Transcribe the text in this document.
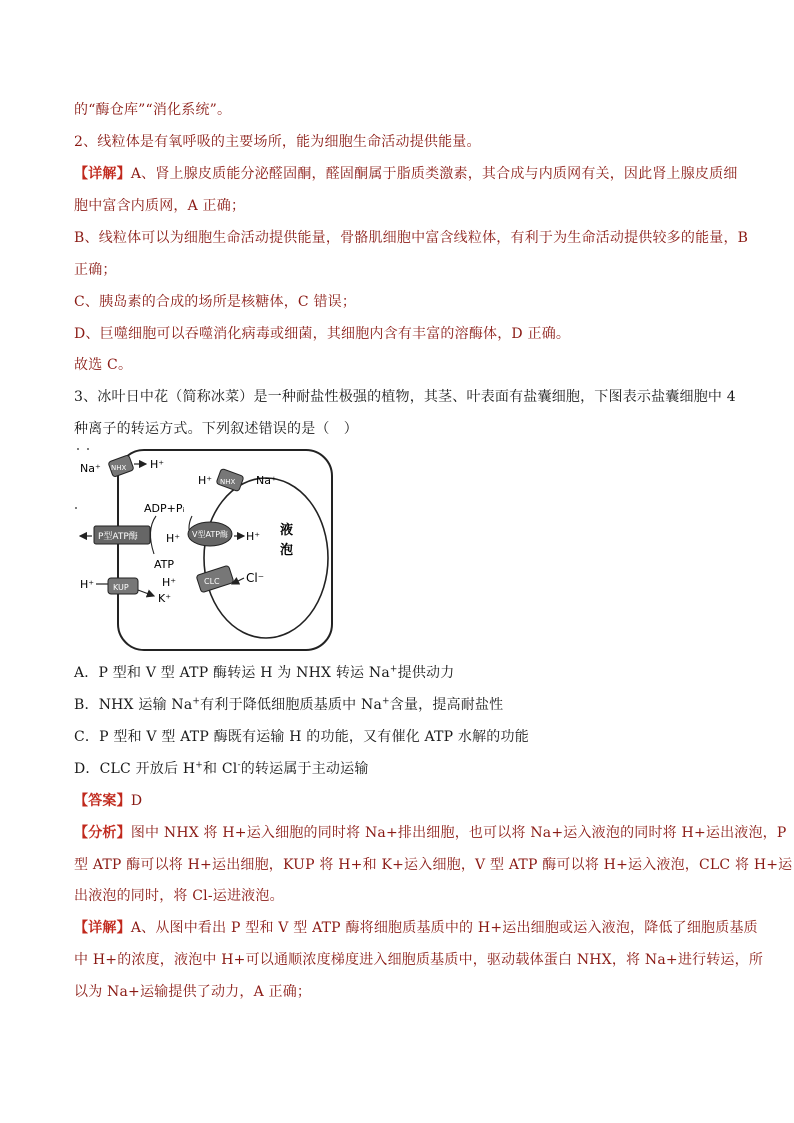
的“酶仓库”“消化系统”。
2、线粒体是有氧呼吸的主要场所，能为细胞生命活动提供能量。
【详解】A、肾上腺皮质能分泌醛固酮，醛固酮属于脂质类激素，其合成与内质网有关，因此肾上腺皮质细
胞中富含内质网，A 正确；
B、线粒体可以为细胞生命活动提供能量，骨骼肌细胞中富含线粒体，有利于为生命活动提供较多的能量，B
正确；
C、胰岛素的合成的场所是核糖体，C 错误；
D、巨噬细胞可以吞噬消化病毒或细菌，其细胞内含有丰富的溶酶体，D 正确。
故选 C。
3、冰叶日中花（简称冰菜）是一种耐盐性极强的植物，其茎、叶表面有盐囊细胞，下图表示盐囊细胞中 4
种离子的转运方式。下列叙述错误的是（　）
Na⁺ NHX H⁺
H⁺ NHX Na⁺
ADP+Pᵢ
P型ATP酶	H⁺ V型ATP酶 H⁺ 液
泡
ATP
H⁺ KUP
K⁺
H⁺	CLC Cl⁻
A．P 型和 V 型 ATP 酶转运 H 为 NHX 转运 Na+提供动力
B．NHX 运输 Na+有利于降低细胞质基质中 Na+含量，提高耐盐性
C．P 型和 V 型 ATP 酶既有运输 H 的功能，又有催化 ATP 水解的功能
D．CLC 开放后 H+和 Cl-的转运属于主动运输
【答案】D
【分析】图中 NHX 将 H+运入细胞的同时将 Na+排出细胞，也可以将 Na+运入液泡的同时将 H+运出液泡，P
型 ATP 酶可以将 H+运出细胞，KUP 将 H+和 K+运入细胞，V 型 ATP 酶可以将 H+运入液泡，CLC 将 H+运
出液泡的同时，将 Cl-运进液泡。
【详解】A、从图中看出 P 型和 V 型 ATP 酶将细胞质基质中的 H+运出细胞或运入液泡，降低了细胞质基质
中 H+的浓度，液泡中 H+可以通顺浓度梯度进入细胞质基质中，驱动载体蛋白 NHX，将 Na+进行转运，所
以为 Na+运输提供了动力，A 正确；
